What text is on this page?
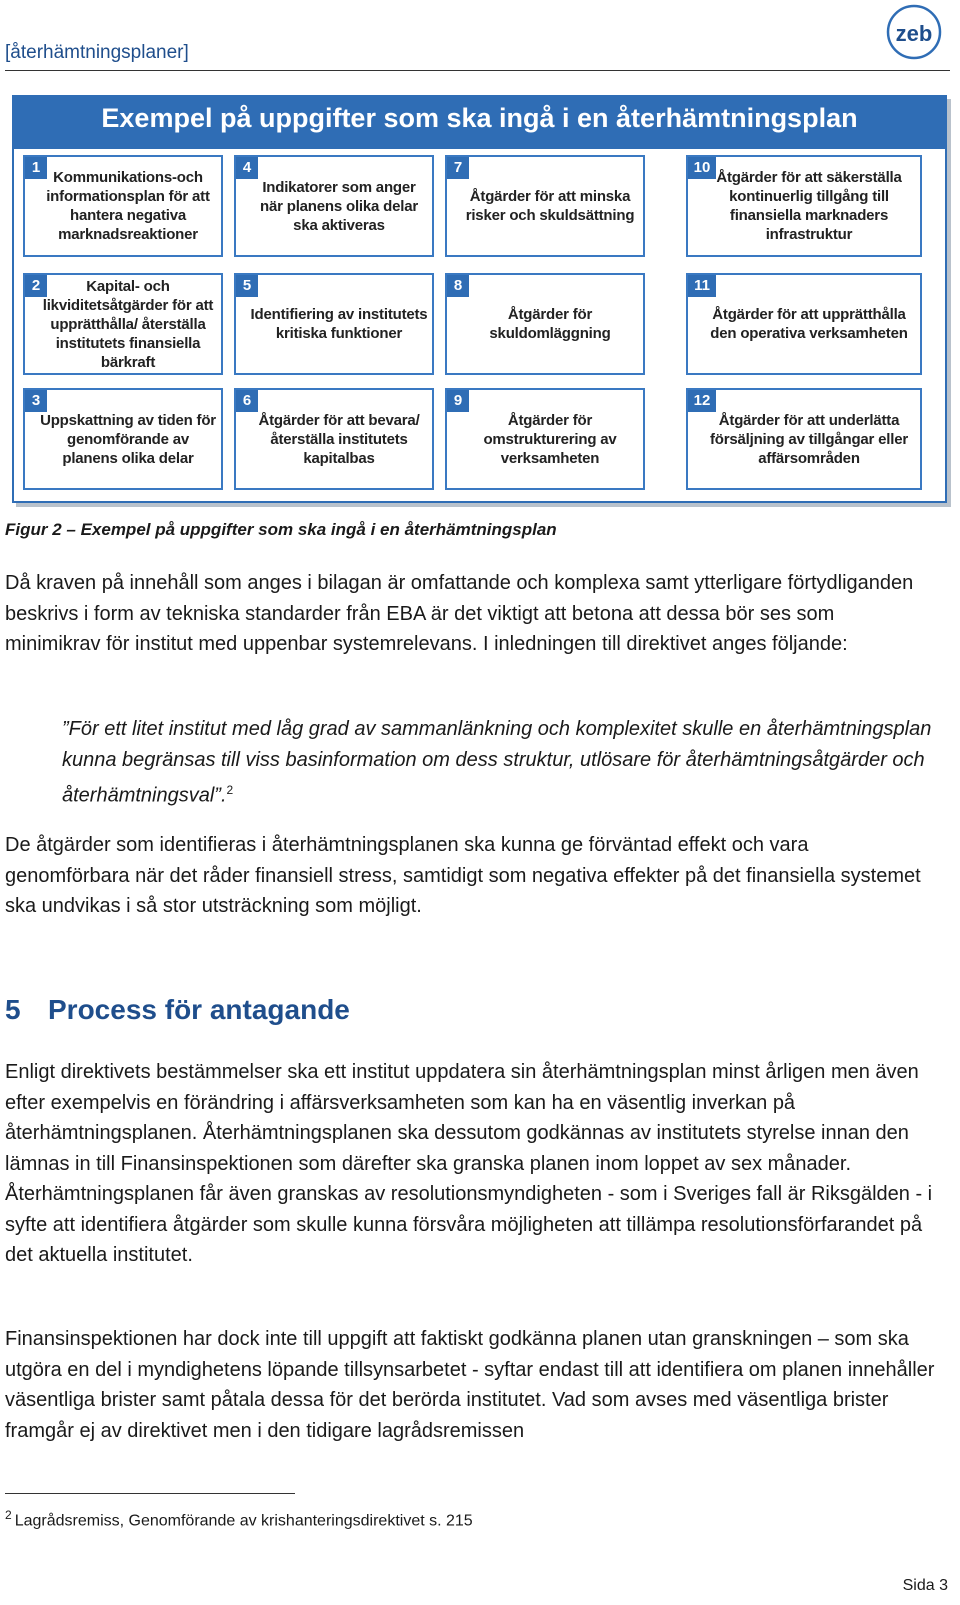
[återhämtningsplaner]
zeb
Exempel på uppgifter som ska ingå i en återhämtningsplan
1
Kommunikations-och informationsplan för att hantera negativa marknadsreaktioner
4
Indikatorer som anger när planens olika delar ska aktiveras
7
Åtgärder för att minska risker och skuldsättning
10
Åtgärder för att säkerställa kontinuerlig tillgång till finansiella marknaders infrastruktur
2	Kapital- och likviditetsåtgärder för att upprätthålla/ återställa institutets finansiella bärkraft
5
Identifiering av institutets kritiska funktioner
8
Åtgärder för skuldomläggning
11
Åtgärder för att upprätthålla den operativa verksamheten
3
Uppskattning av tiden för genomförande av planens olika delar
6
Åtgärder för att bevara/återställa institutets kapitalbas
9
Åtgärder för omstrukturering av verksamheten
12
Åtgärder för att underlätta försäljning av tillgångar eller affärsområden
Figur 2 – Exempel på uppgifter som ska ingå i en återhämtningsplan
Då kraven på innehåll som anges i bilagan är omfattande och komplexa samt ytterligare förtydliganden beskrivs i form av tekniska standarder från EBA är det viktigt att betona att dessa bör ses som minimikrav för institut med uppenbar systemrelevans. I inledningen till direktivet anges följande:
”För ett litet institut med låg grad av sammanlänkning och komplexitet skulle en återhämtningsplan kunna begränsas till viss basinformation om dess struktur, utlösare för återhämtningsåtgärder och återhämtningsval”.$^2$
De åtgärder som identifieras i återhämtningsplanen ska kunna ge förväntad effekt och vara genomförbara när det råder finansiell stress, samtidigt som negativa effekter på det finansiella systemet ska undvikas i så stor utsträckning som möjligt.
5 Process för antagande
Enligt direktivets bestämmelser ska ett institut uppdatera sin återhämtningsplan minst årligen men även efter exempelvis en förändring i affärsverksamheten som kan ha en väsentlig inverkan på återhämtningsplanen. Återhämtningsplanen ska dessutom godkännas av institutets styrelse innan den lämnas in till Finansinspektionen som därefter ska granska planen inom loppet av sex månader. Återhämtningsplanen får även granskas av resolutionsmyndigheten - som i Sveriges fall är Riksgälden - i syfte att identifiera åtgärder som skulle kunna försvåra möjligheten att tillämpa resolutionsförfarandet på det aktuella institutet.
Finansinspektionen har dock inte till uppgift att faktiskt godkänna planen utan granskningen – som ska utgöra en del i myndighetens löpande tillsynsarbetet - syftar endast till att identifiera om planen innehåller väsentliga brister samt påtala dessa för det berörda institutet. Vad som avses med väsentliga brister framgår ej av direktivet men i den tidigare lagrådsremissen
$^2$ Lagrådsremiss, Genomförande av krishanteringsdirektivet s. 215
Sida 3
